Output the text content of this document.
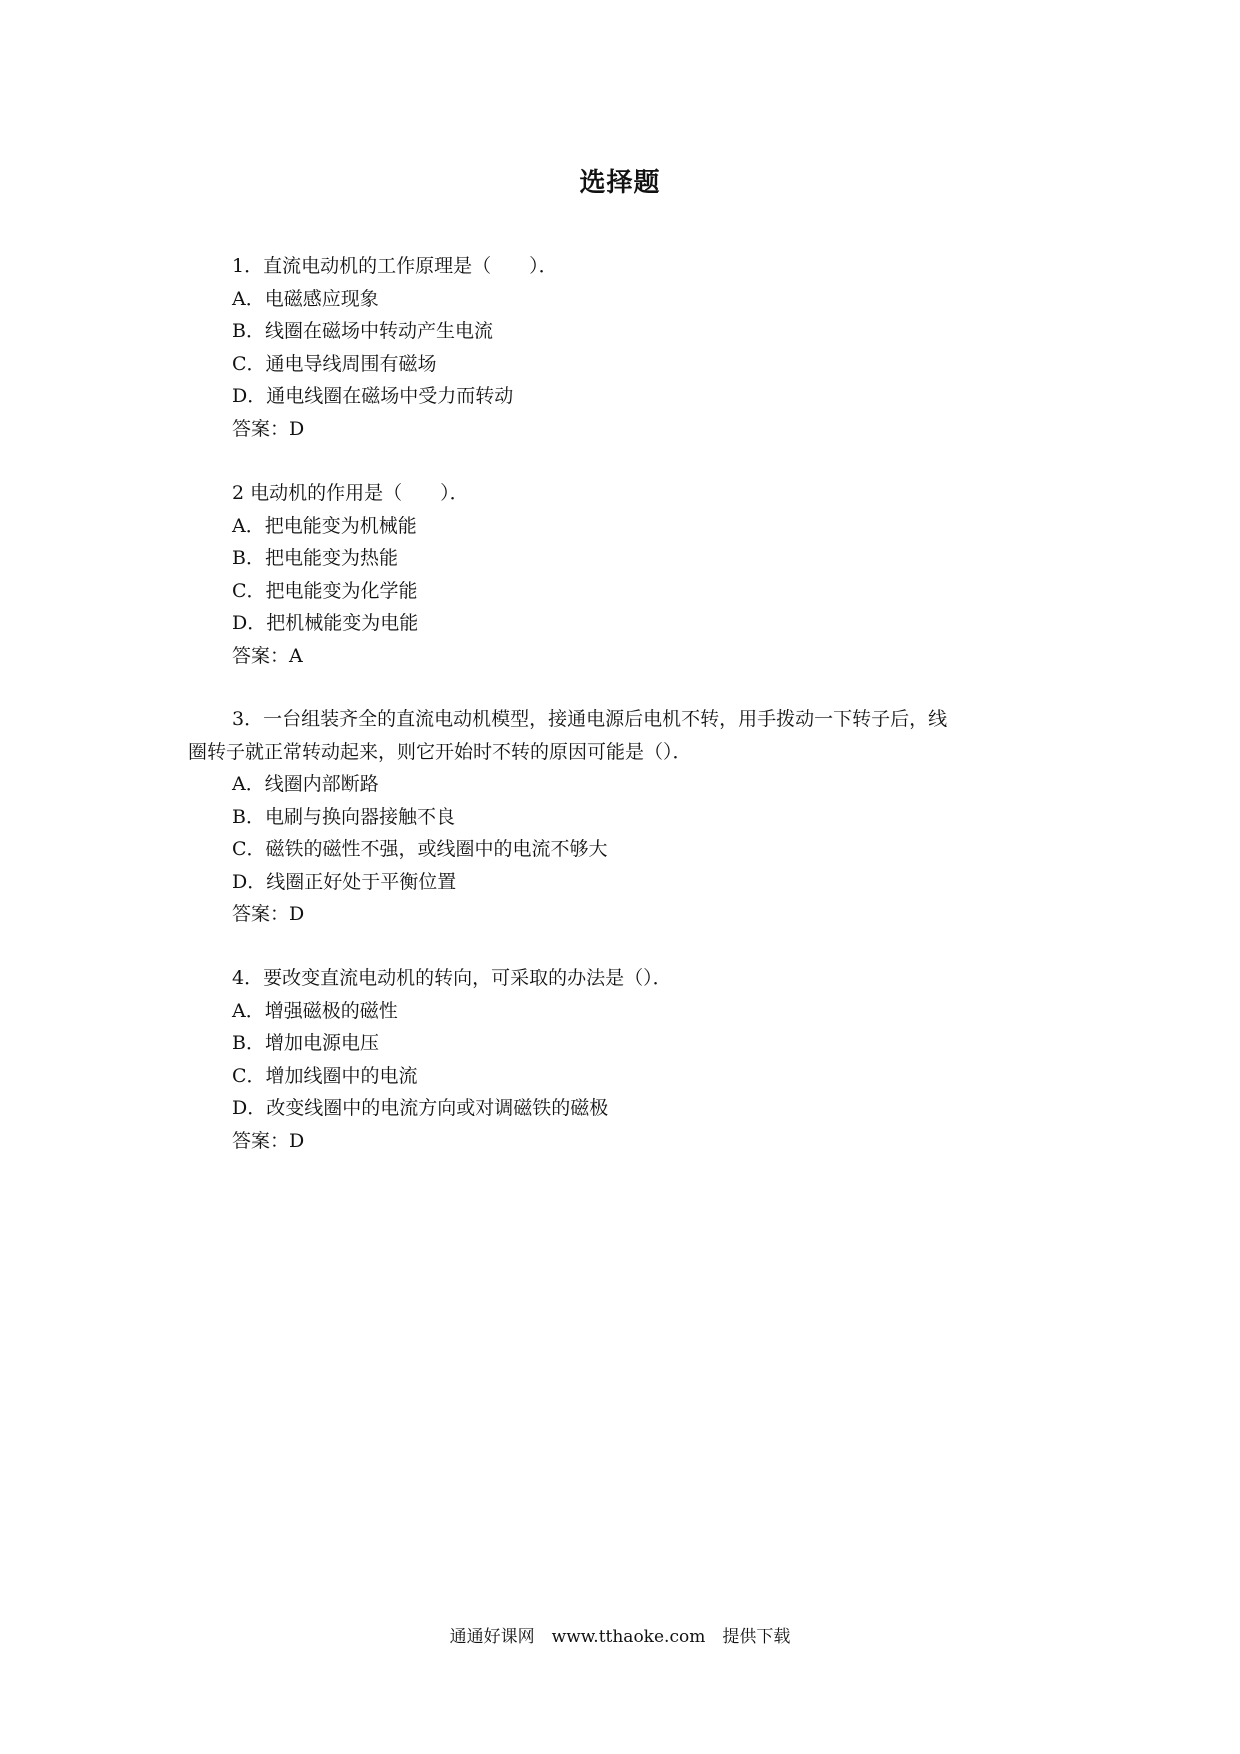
选择题
1．直流电动机的工作原理是（　　）．
A．电磁感应现象
B．线圈在磁场中转动产生电流
C．通电导线周围有磁场
D．通电线圈在磁场中受力而转动
答案：D
2 电动机的作用是（　　）．
A．把电能变为机械能
B．把电能变为热能
C．把电能变为化学能
D．把机械能变为电能
答案：A
3．一台组装齐全的直流电动机模型，接通电源后电机不转，用手拨动一下转子后，线
圈转子就正常转动起来，则它开始时不转的原因可能是（）．
A．线圈内部断路
B．电刷与换向器接触不良
C．磁铁的磁性不强，或线圈中的电流不够大
D．线圈正好处于平衡位置
答案：D
4．要改变直流电动机的转向，可采取的办法是（）．
A．增强磁极的磁性
B．增加电源电压
C．增加线圈中的电流
D．改变线圈中的电流方向或对调磁铁的磁极
答案：D
通通好课网　www.tthaoke.com　提供下载
